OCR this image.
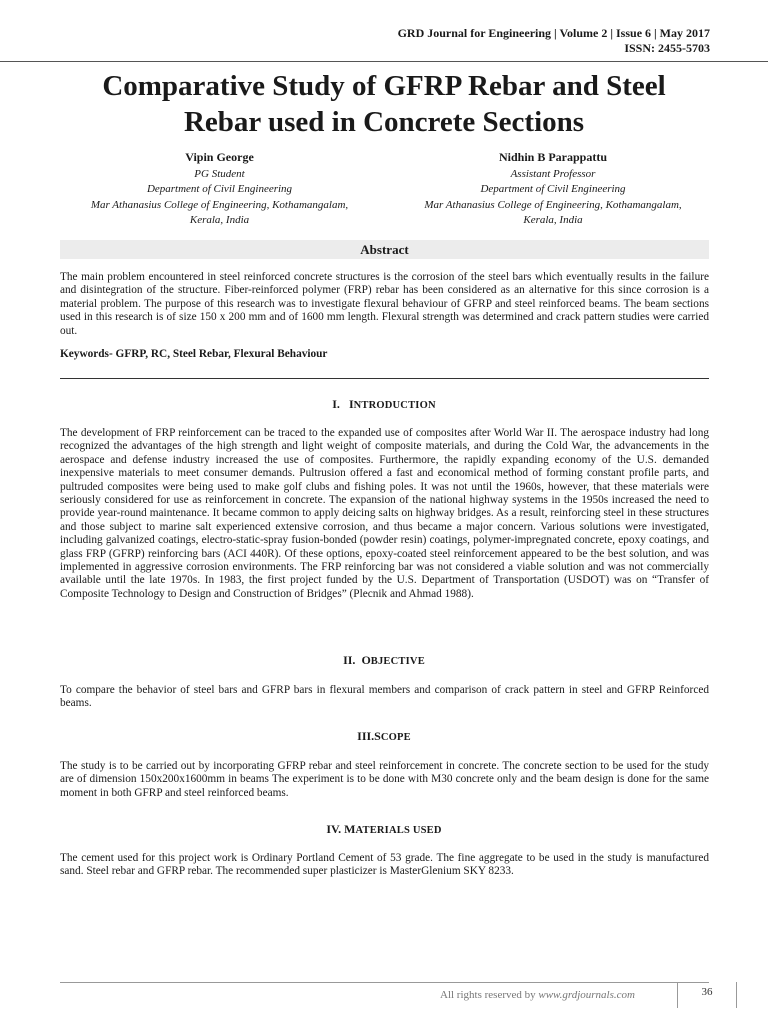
GRD Journal for Engineering | Volume 2 | Issue 6 | May 2017
ISSN: 2455-5703
Comparative Study of GFRP Rebar and Steel
Rebar used in Concrete Sections
Vipin George
PG Student
Department of Civil Engineering
Mar Athanasius College of Engineering, Kothamangalam,
Kerala, India
Nidhin B Parappattu
Assistant Professor
Department of Civil Engineering
Mar Athanasius College of Engineering, Kothamangalam,
Kerala, India
Abstract
The main problem encountered in steel reinforced concrete structures is the corrosion of the steel bars which eventually results in the failure and disintegration of the structure. Fiber-reinforced polymer (FRP) rebar has been considered as an alternative for this since corrosion is a material problem. The purpose of this research was to investigate flexural behaviour of GFRP and steel reinforced beams. The beam sections used in this research is of size 150 x 200 mm and of 1600 mm length. Flexural strength was determined and crack pattern studies were carried out.
Keywords- GFRP, RC, Steel Rebar, Flexural Behaviour
I. INTRODUCTION
The development of FRP reinforcement can be traced to the expanded use of composites after World War II. The aerospace industry had long recognized the advantages of the high strength and light weight of composite materials, and during the Cold War, the advancements in the aerospace and defense industry increased the use of composites. Furthermore, the rapidly expanding economy of the U.S. demanded inexpensive materials to meet consumer demands. Pultrusion offered a fast and economical method of forming constant profile parts, and pultruded composites were being used to make golf clubs and fishing poles. It was not until the 1960s, however, that these materials were seriously considered for use as reinforcement in concrete. The expansion of the national highway systems in the 1950s increased the need to provide year-round maintenance. It became common to apply deicing salts on highway bridges. As a result, reinforcing steel in these structures and those subject to marine salt experienced extensive corrosion, and thus became a major concern. Various solutions were investigated, including galvanized coatings, electro-static-spray fusion-bonded (powder resin) coatings, polymer-impregnated concrete, epoxy coatings, and glass FRP (GFRP) reinforcing bars (ACI 440R). Of these options, epoxy-coated steel reinforcement appeared to be the best solution, and was implemented in aggressive corrosion environments. The FRP reinforcing bar was not considered a viable solution and was not commercially available until the late 1970s. In 1983, the first project funded by the U.S. Department of Transportation (USDOT) was on “Transfer of Composite Technology to Design and Construction of Bridges” (Plecnik and Ahmad 1988).
II. OBJECTIVE
To compare the behavior of steel bars and GFRP bars in flexural members and comparison of crack pattern in steel and GFRP Reinforced beams.
III.SCOPE
The study is to be carried out by incorporating GFRP rebar and steel reinforcement in concrete. The concrete section to be used for the study are of dimension 150x200x1600mm in beams The experiment is to be done with M30 concrete only and the beam design is done for the same moment in both GFRP and steel reinforced beams.
IV. MATERIALS USED
The cement used for this project work is Ordinary Portland Cement of 53 grade. The fine aggregate to be used in the study is manufactured sand. Steel rebar and GFRP rebar. The recommended super plasticizer is MasterGlenium SKY 8233.
All rights reserved by www.grdjournals.com	36
